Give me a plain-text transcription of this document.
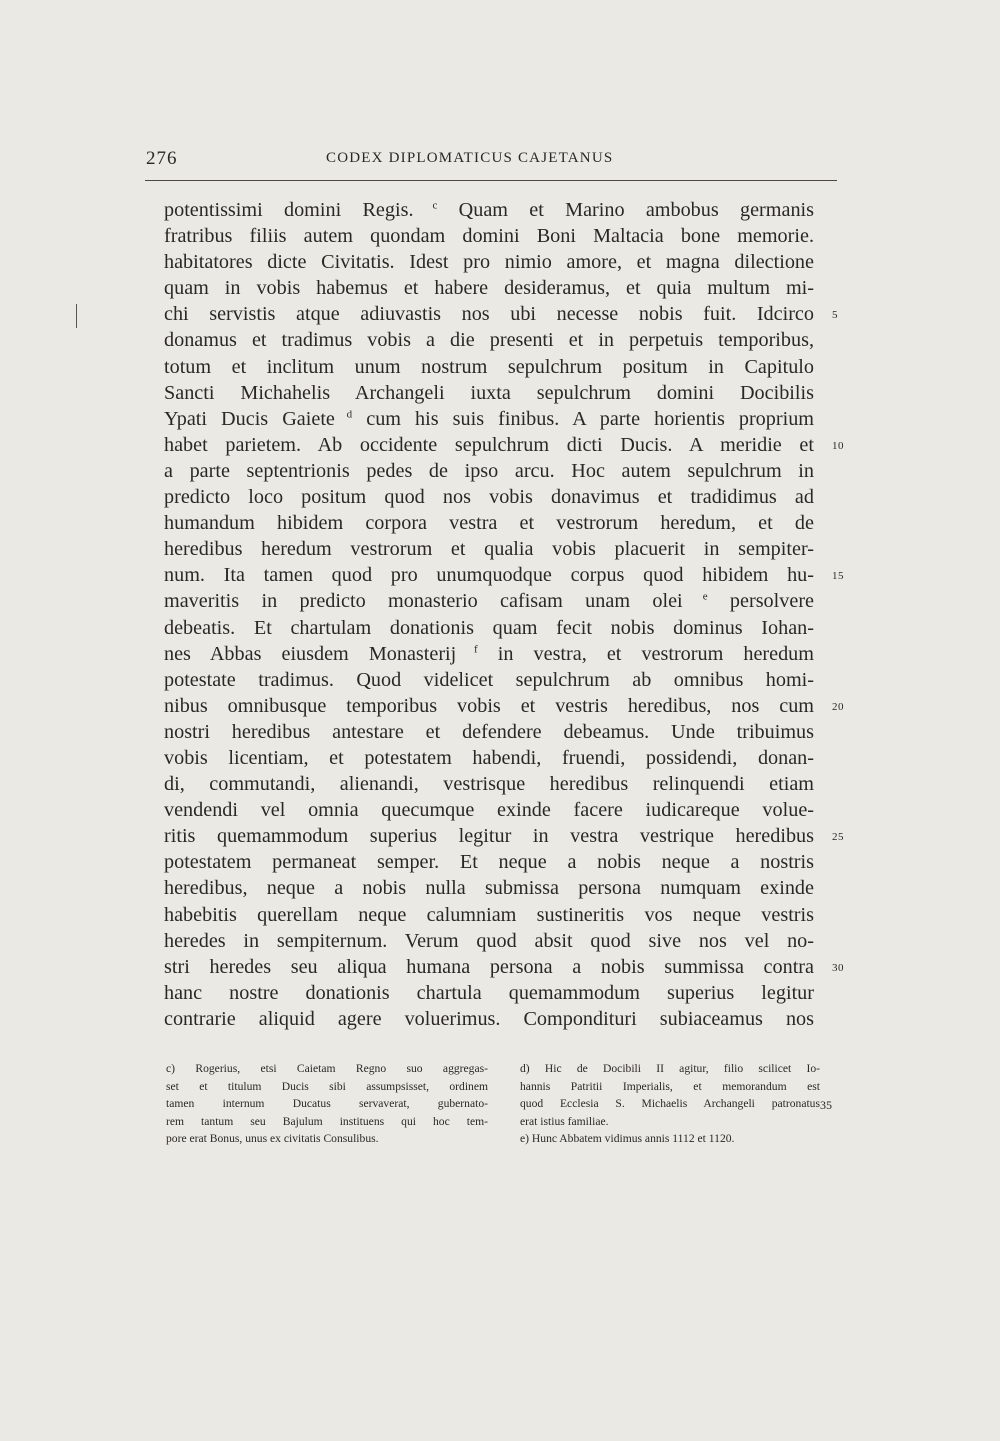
276	CODEX DIPLOMATICUS CAJETANUS
potentissimi domini Regis. $^c$ Quam et Marino ambobus germanis
fratribus filiis autem quondam domini Boni Maltacia bone memorie.
habitatores dicte Civitatis. Idest pro nimio amore, et magna dilectione
quam in vobis habemus et habere desideramus, et quia multum mi-
chi servistis atque adiuvastis nos ubi necesse nobis fuit. Idcirco
donamus et tradimus vobis a die presenti et in perpetuis temporibus,
totum et inclitum unum nostrum sepulchrum positum in Capitulo
Sancti Michahelis Archangeli iuxta sepulchrum domini Docibilis
Ypati Ducis Gaiete $^d$ cum his suis finibus. A parte horientis proprium
habet parietem. Ab occidente sepulchrum dicti Ducis. A meridie et
a parte septentrionis pedes de ipso arcu. Hoc autem sepulchrum in
predicto loco positum quod nos vobis donavimus et tradidimus ad
humandum hibidem corpora vestra et vestrorum heredum, et de
heredibus heredum vestrorum et qualia vobis placuerit in sempiter-
num. Ita tamen quod pro unumquodque corpus quod hibidem hu-
maveritis in predicto monasterio cafisam unam olei $^e$ persolvere
debeatis. Et chartulam donationis quam fecit nobis dominus Iohan-
nes Abbas eiusdem Monasterij $^f$ in vestra, et vestrorum heredum
potestate tradimus. Quod videlicet sepulchrum ab omnibus homi-
nibus omnibusque temporibus vobis et vestris heredibus, nos cum
nostri heredibus antestare et defendere debeamus. Unde tribuimus
vobis licentiam, et potestatem habendi, fruendi, possidendi, donan-
di, commutandi, alienandi, vestrisque heredibus relinquendi etiam
vendendi vel omnia quecumque exinde facere iudicareque volue-
ritis quemammodum superius legitur in vestra vestrique heredibus
potestatem permaneat semper. Et neque a nobis neque a nostris
heredibus, neque a nobis nulla submissa persona numquam exinde
habebitis querellam neque calumniam sustineritis vos neque vestris
heredes in sempiternum. Verum quod absit quod sive nos vel no-
stri heredes seu aliqua humana persona a nobis summissa contra
hanc nostre donationis chartula quemammodum superius legitur
contrarie aliquid agere voluerimus. Compondituri subiaceamus nos
5
10
15
20
25
30
c) Rogerius, etsi Caietam Regno suo aggregas-
set et titulum Ducis sibi assumpsisset, ordinem
tamen internum Ducatus servaverat, gubernato-
rem tantum seu Bajulum instituens qui hoc tem-
pore erat Bonus, unus ex civitatis Consulibus.
d) Hic de Docibili II agitur, filio scilicet Io-
hannis Patritii Imperialis, et memorandum est
quod Ecclesia S. Michaelis Archangeli patronatus
erat istius familiae.
e) Hunc Abbatem vidimus annis 1112 et 1120.
35
